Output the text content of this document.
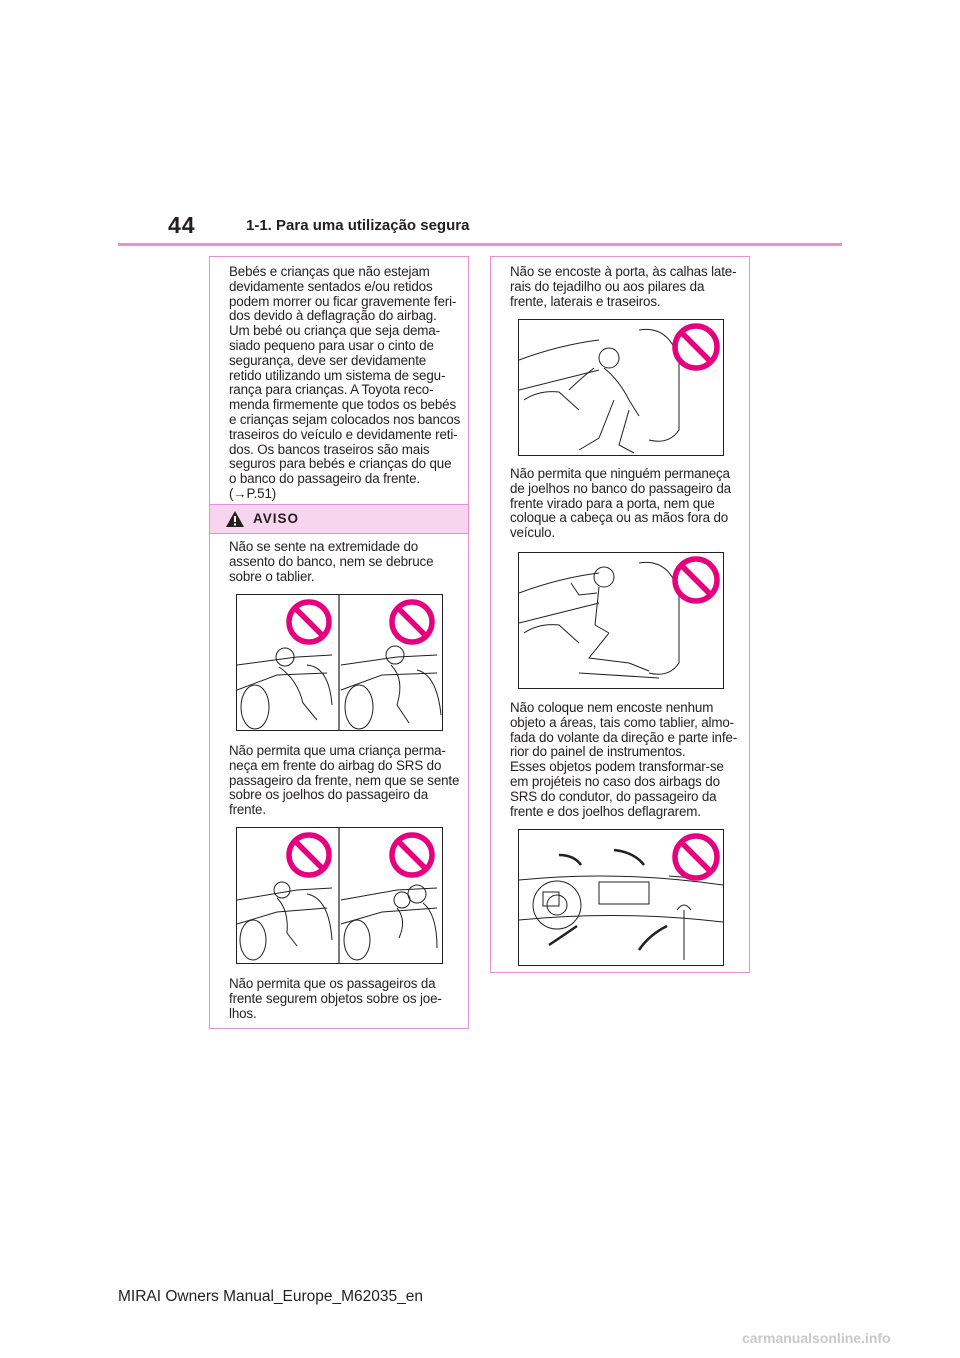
44	1-1. Para uma utilização segura
Bebés e crianças que não estejam
devidamente sentados e/ou retidos
podem morrer ou ficar gravemente feri-
dos devido à deflagração do airbag.
Um bebé ou criança que seja dema-
siado pequeno para usar o cinto de
segurança, deve ser devidamente
retido utilizando um sistema de segu-
rança para crianças. A Toyota reco-
menda firmemente que todos os bebés
e crianças sejam colocados nos bancos
traseiros do veículo e devidamente reti-
dos. Os bancos traseiros são mais
seguros para bebés e crianças do que
o banco do passageiro da frente.
(→P.51)
AVISO
Não se sente na extremidade do
assento do banco, nem se debruce
sobre o tablier.
Não permita que uma criança perma-
neça em frente do airbag do SRS do
passageiro da frente, nem que se sente
sobre os joelhos do passageiro da
frente.
Não permita que os passageiros da
frente segurem objetos sobre os joe-
lhos.
Não se encoste à porta, às calhas late-
rais do tejadilho ou aos pilares da
frente, laterais e traseiros.
Não permita que ninguém permaneça
de joelhos no banco do passageiro da
frente virado para a porta, nem que
coloque a cabeça ou as mãos fora do
veículo.
Não coloque nem encoste nenhum
objeto a áreas, tais como tablier, almo-
fada do volante da direção e parte infe-
rior do painel de instrumentos.
Esses objetos podem transformar-se
em projéteis no caso dos airbags do
SRS do condutor, do passageiro da
frente e dos joelhos deflagrarem.
MIRAI Owners Manual_Europe_M62035_en
carmanualsonline.info
